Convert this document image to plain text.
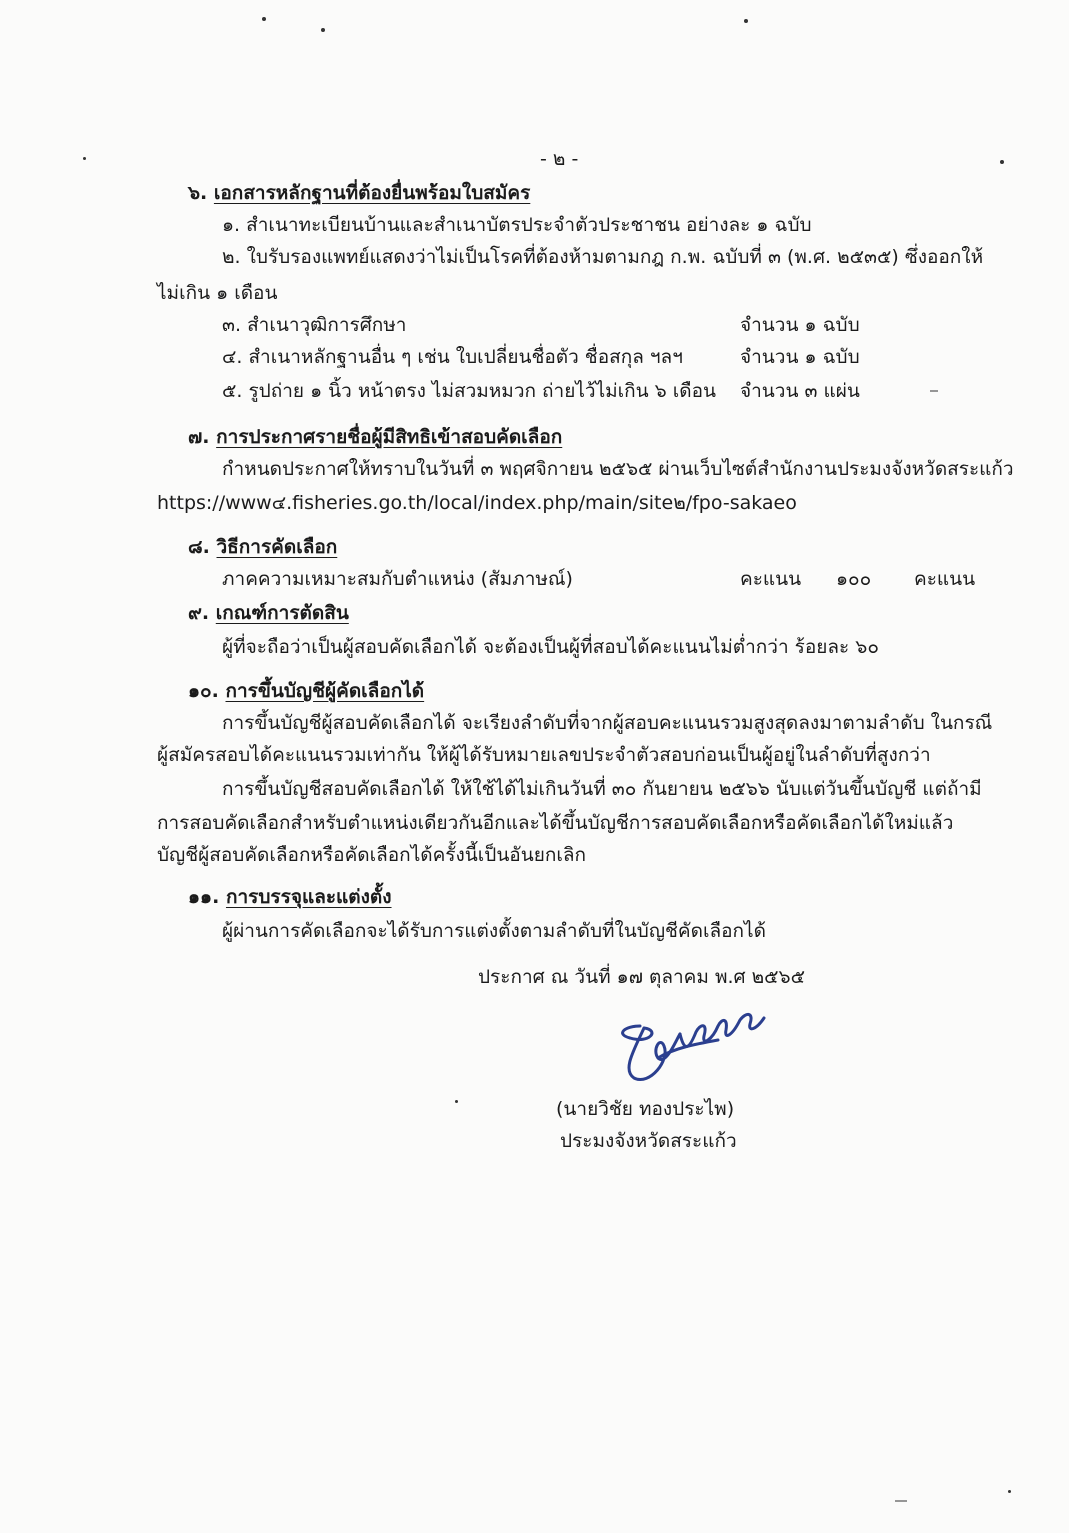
- ๒ -
๖. เอกสารหลักฐานที่ต้องยื่นพร้อมใบสมัคร
๑. สำเนาทะเบียนบ้านและสำเนาบัตรประจำตัวประชาชน อย่างละ ๑ ฉบับ
๒. ใบรับรองแพทย์แสดงว่าไม่เป็นโรคที่ต้องห้ามตามกฎ ก.พ. ฉบับที่ ๓ (พ.ศ. ๒๕๓๕) ซึ่งออกให้
ไม่เกิน ๑ เดือน
๓. สำเนาวุฒิการศึกษา	จำนวน ๑ ฉบับ
๔. สำเนาหลักฐานอื่น ๆ เช่น ใบเปลี่ยนชื่อตัว ชื่อสกุล ฯลฯ	จำนวน ๑ ฉบับ
๕. รูปถ่าย ๑ นิ้ว หน้าตรง ไม่สวมหมวก ถ่ายไว้ไม่เกิน ๖ เดือน จำนวน ๓ แผ่น
๗. การประกาศรายชื่อผู้มีสิทธิเข้าสอบคัดเลือก
กำหนดประกาศให้ทราบในวันที่ ๓ พฤศจิกายน ๒๕๖๕ ผ่านเว็บไซต์สำนักงานประมงจังหวัดสระแก้ว
https://www๔.fisheries.go.th/local/index.php/main/site๒/fpo-sakaeo
๘. วิธีการคัดเลือก
ภาคความเหมาะสมกับตำแหน่ง (สัมภาษณ์)	คะแนน ๑๐๐ คะแนน
๙. เกณฑ์การตัดสิน
ผู้ที่จะถือว่าเป็นผู้สอบคัดเลือกได้ จะต้องเป็นผู้ที่สอบได้คะแนนไม่ต่ำกว่า ร้อยละ ๖๐
๑๐. การขึ้นบัญชีผู้คัดเลือกได้
การขึ้นบัญชีผู้สอบคัดเลือกได้ จะเรียงลำดับที่จากผู้สอบคะแนนรวมสูงสุดลงมาตามลำดับ ในกรณี
ผู้สมัครสอบได้คะแนนรวมเท่ากัน ให้ผู้ได้รับหมายเลขประจำตัวสอบก่อนเป็นผู้อยู่ในลำดับที่สูงกว่า
การขึ้นบัญชีสอบคัดเลือกได้ ให้ใช้ได้ไม่เกินวันที่ ๓๐ กันยายน ๒๕๖๖ นับแต่วันขึ้นบัญชี แต่ถ้ามี
การสอบคัดเลือกสำหรับตำแหน่งเดียวกันอีกและได้ขึ้นบัญชีการสอบคัดเลือกหรือคัดเลือกได้ใหม่แล้ว
บัญชีผู้สอบคัดเลือกหรือคัดเลือกได้ครั้งนี้เป็นอันยกเลิก
๑๑. การบรรจุและแต่งตั้ง
ผู้ผ่านการคัดเลือกจะได้รับการแต่งตั้งตามลำดับที่ในบัญชีคัดเลือกได้
ประกาศ ณ วันที่ ๑๗ ตุลาคม พ.ศ ๒๕๖๕
(นายวิชัย ทองประไพ)
ประมงจังหวัดสระแก้ว
